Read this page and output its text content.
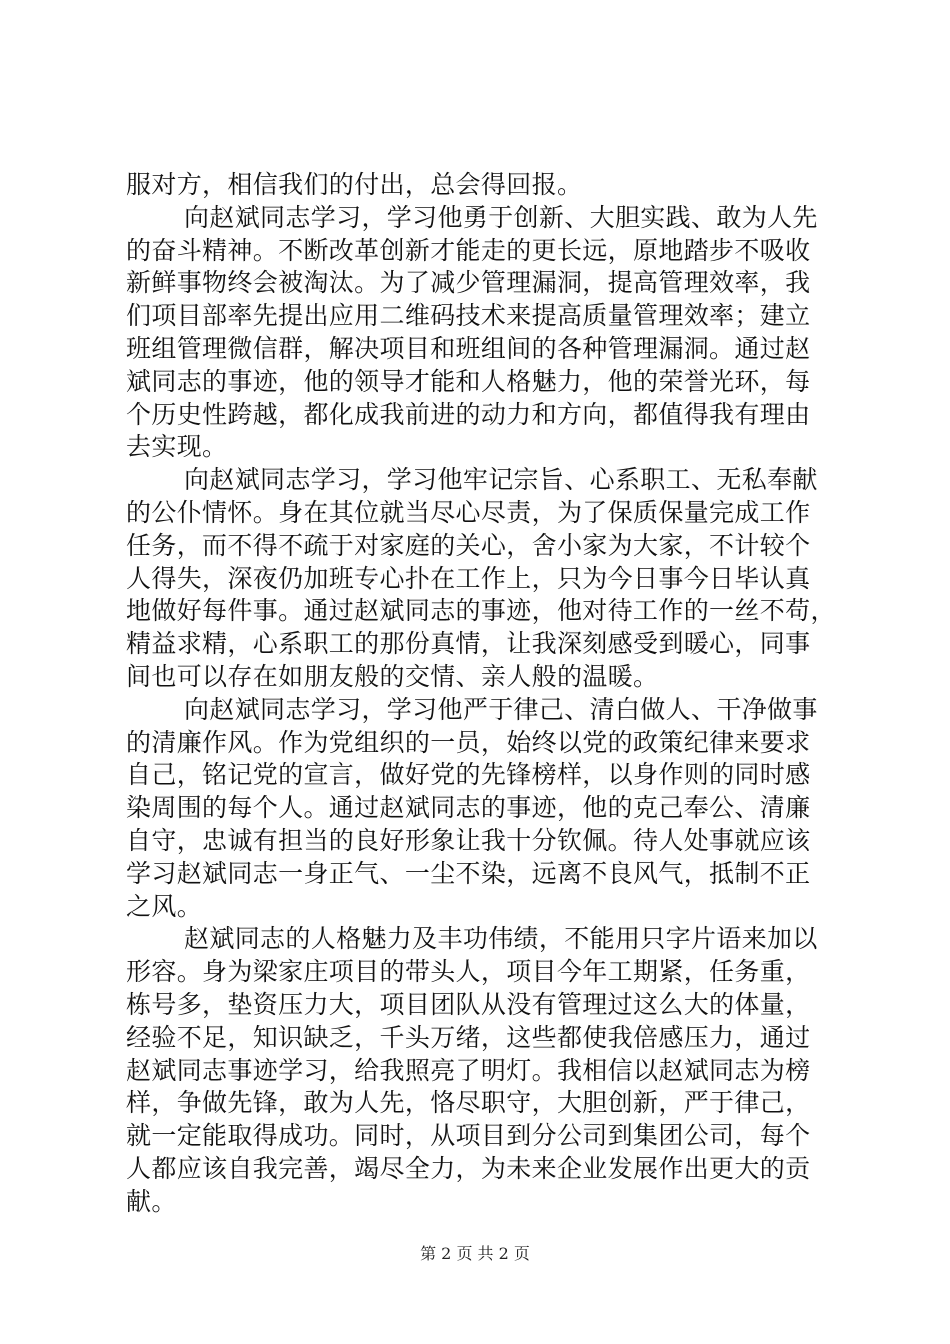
服对方，相信我们的付出，总会得回报。
向赵斌同志学习，学习他勇于创新、大胆实践、敢为人先
的奋斗精神。不断改革创新才能走的更长远，原地踏步不吸收
新鲜事物终会被淘汰。为了减少管理漏洞，提高管理效率，我
们项目部率先提出应用二维码技术来提高质量管理效率；建立
班组管理微信群，解决项目和班组间的各种管理漏洞。通过赵
斌同志的事迹，他的领导才能和人格魅力，他的荣誉光环，每
个历史性跨越，都化成我前进的动力和方向，都值得我有理由
去实现。
向赵斌同志学习，学习他牢记宗旨、心系职工、无私奉献
的公仆情怀。身在其位就当尽心尽责，为了保质保量完成工作
任务，而不得不疏于对家庭的关心，舍小家为大家，不计较个
人得失，深夜仍加班专心扑在工作上，只为今日事今日毕认真
地做好每件事。通过赵斌同志的事迹，他对待工作的一丝不苟，
精益求精，心系职工的那份真情，让我深刻感受到暖心，同事
间也可以存在如朋友般的交情、亲人般的温暖。
向赵斌同志学习，学习他严于律己、清白做人、干净做事
的清廉作风。作为党组织的一员，始终以党的政策纪律来要求
自己，铭记党的宣言，做好党的先锋榜样，以身作则的同时感
染周围的每个人。通过赵斌同志的事迹，他的克己奉公、清廉
自守，忠诚有担当的良好形象让我十分钦佩。待人处事就应该
学习赵斌同志一身正气、一尘不染，远离不良风气，抵制不正
之风。
赵斌同志的人格魅力及丰功伟绩，不能用只字片语来加以
形容。身为梁家庄项目的带头人，项目今年工期紧，任务重，
栋号多，垫资压力大，项目团队从没有管理过这么大的体量，
经验不足，知识缺乏，千头万绪，这些都使我倍感压力，通过
赵斌同志事迹学习，给我照亮了明灯。我相信以赵斌同志为榜
样，争做先锋，敢为人先，恪尽职守，大胆创新，严于律己，
就一定能取得成功。同时，从项目到分公司到集团公司，每个
人都应该自我完善，竭尽全力，为未来企业发展作出更大的贡
献。
第 2 页 共 2 页
